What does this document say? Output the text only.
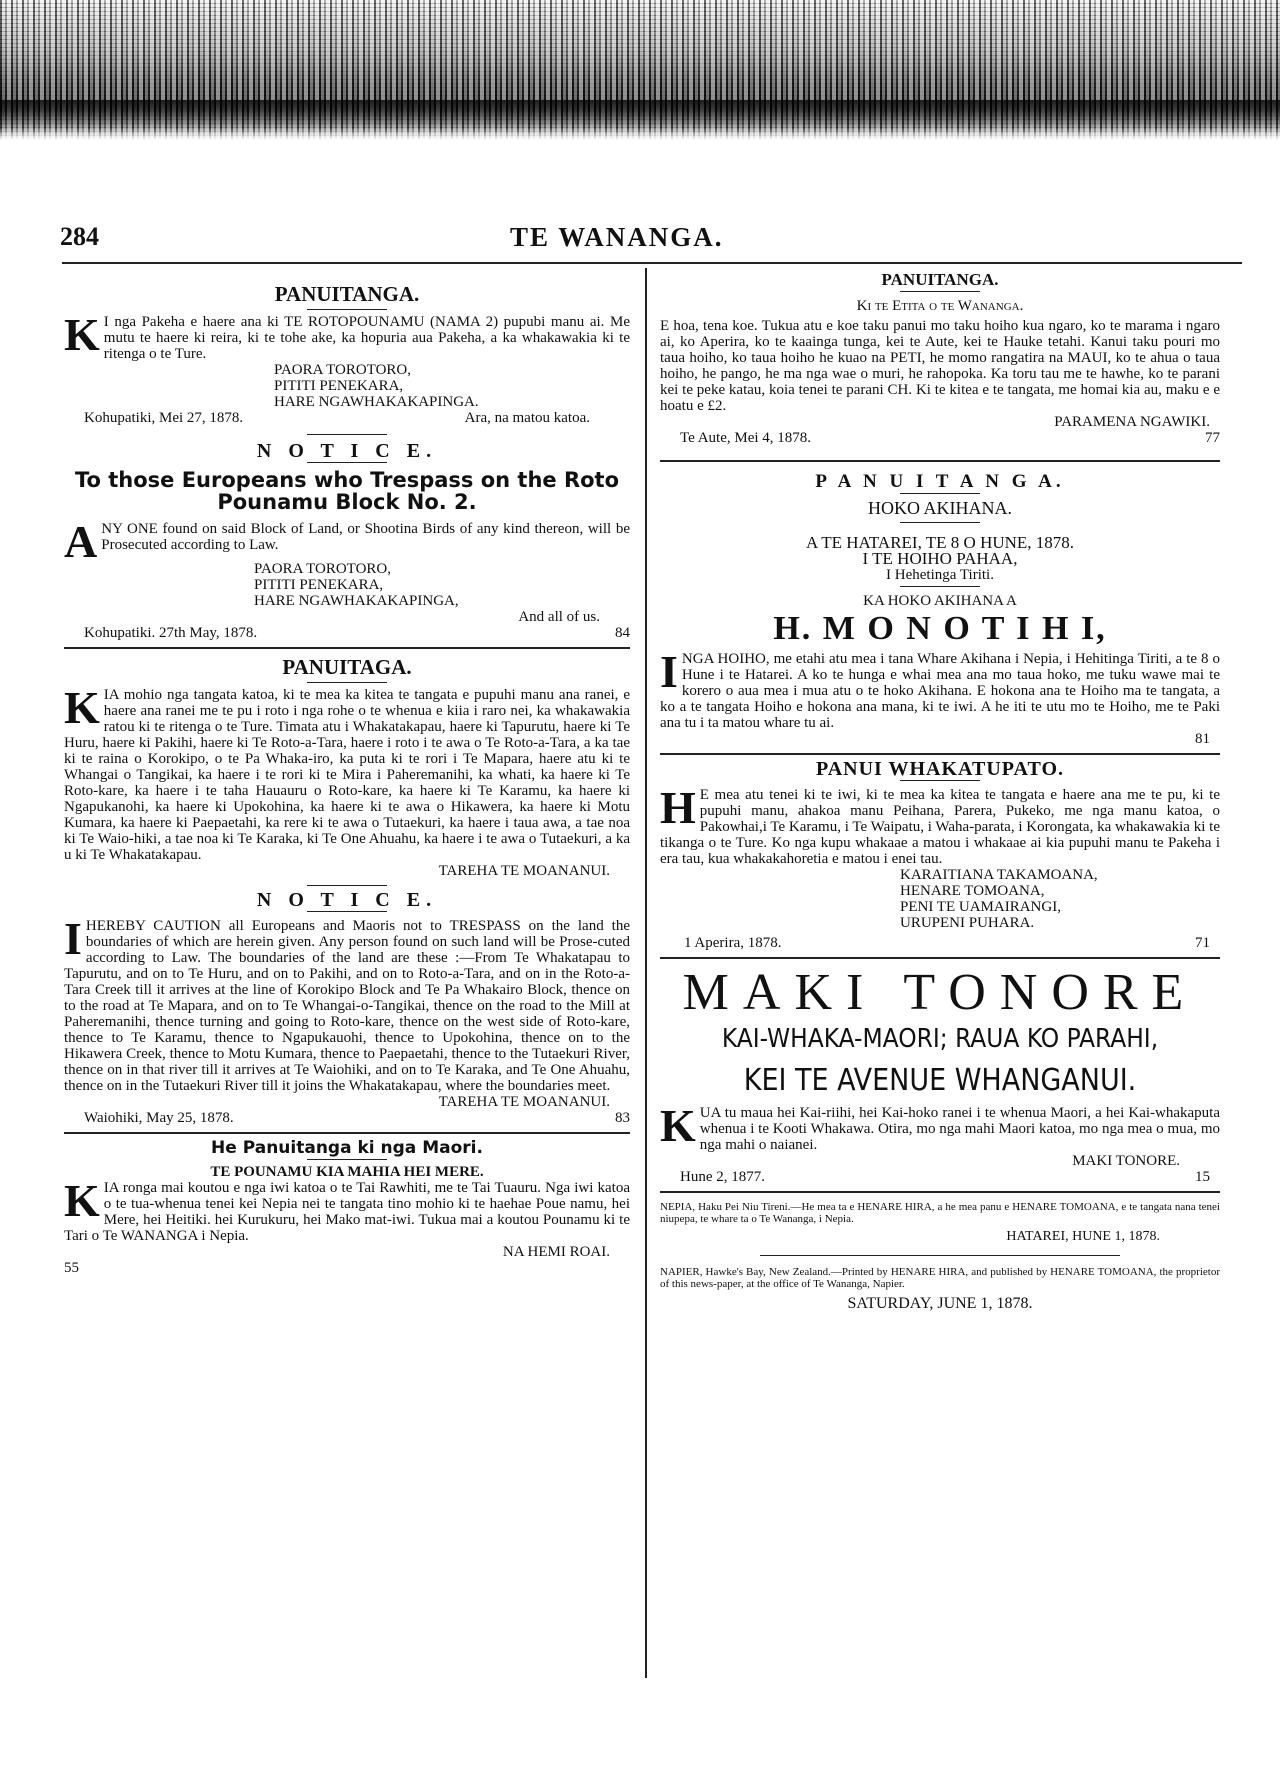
284	TE WANANGA.
PANUITANGA.

K I nga Pakeha e haere ana ki TE ROTOPOUNAMU (NAMA 2) pupubi manu ai. Me mutu te haere ki reira, ki te tohe ake, ka hopuria aua Pakeha, a ka whakawakia ki te ritenga o te Ture.

PAORA TOROTORO,
PITITI PENEKARA,
HARE NGAWHAKAKAPINGA.
Kohupatiki, Mei 27, 1878.	Ara, na matou katoa.
N O T I C E.
To those Europeans who Trespass on the Roto Pounamu Block No. 2.

ANY ONE found on said Block of Land, or Shootina Birds of any kind thereon, will be Prosecuted according to Law.

PAORA TOROTORO,
PITITI PENEKARA,
HARE NGAWHAKAKAPINGA,
And all of us.
Kohupatiki. 27th May, 1878.	84
PANUITAGA.

KIA mohio nga tangata katoa, ki te mea ka kitea te tangata e pupuhi manu ana ranei, e haere ana ranei me te pu i roto i nga rohe o te whenua e kiia i raro nei, ka whakawakia ratou ki te ritenga o te Ture. Timata atu i Whakatakapau, haere ki Tapurutu, haere ki Te Huru, haere ki Pakihi, haere ki Te Roto-a-Tara, haere i roto i te awa o Te Roto-a-Tara, a ka tae ki te raina o Korokipo, o te Pa Whaka-iro, ka puta ki te rori i Te Mapara, haere atu ki te Whangai o Tangikai, ka haere i te rori ki te Mira i Paheremanihi, ka whati, ka haere ki Te Roto-kare, ka haere i te taha Hauauru o Roto-kare, ka haere ki Te Karamu, ka haere ki Ngapukanohi, ka haere ki Upokohina, ka haere ki te awa o Hikawera, ka haere ki Motu Kumara, ka haere ki Paepaetahi, ka rere ki te awa o Tutaekuri, ka haere i taua awa, a tae noa ki Te Waio-hiki, a tae noa ki Te Karaka, ki Te One Ahuahu, ka haere i te awa o Tutaekuri, a ka u ki Te Whakatakapau.

TAREHA TE MOANANUI.
N O T I C E.

IHEREBY CAUTION all Europeans and Maoris not to TRESPASS on the land the boundaries of which are herein given. Any person found on such land will be Prose-cuted according to Law. The boundaries of the land are these :—From Te Whakatapau to Tapurutu, and on to Te Huru, and on to Pakihi, and on to Roto-a-Tara, and on in the Roto-a-Tara Creek till it arrives at the line of Korokipo Block and Te Pa Whakairo Block, thence on to the road at Te Mapara, and on to Te Whangai-o-Tangikai, thence on the road to the Mill at Paheremanihi, thence turning and going to Roto-kare, thence on the west side of Roto-kare, thence to Te Karamu, thence to Ngapukauohi, thence to Upokohina, thence on to the Hikawera Creek, thence to Motu Kumara, thence to Paepaetahi, thence to the Tutaekuri River, thence on in that river till it arrives at Te Waiohiki, and on to Te Karaka, and Te One Ahuahu, thence on in the Tutaekuri River till it joins the Whakatakapau, where the boundaries meet.

TAREHA TE MOANANUI.
Waiohiki, May 25, 1878.	83
He Panuitanga ki nga Maori.
TE POUNAMU KIA MAHIA HEI MERE.

KIA ronga mai koutou e nga iwi katoa o te Tai Rawhiti, me te Tai Tuauru. Nga iwi katoa o te tua-whenua tenei kei Nepia nei te tangata tino mohio ki te haehae Poue namu, hei Mere, hei Heitiki. hei Kurukuru, hei Mako mat-iwi. Tukua mai a koutou Pounamu ki te Tari o Te WANANGA i Nepia.

NA HEMI ROAI.
55
PANUITANGA.
Ki te Etita o te Wananga.

E hoa, tena koe. Tukua atu e koe taku panui mo taku hoiho kua ngaro, ko te marama i ngaro ai, ko Aperira, ko te kaainga tunga, kei te Aute, kei te Hauke tetahi. Kanui taku pouri mo taua hoiho, ko taua hoiho he kuao na PETI, he momo rangatira na MAUI, ko te ahua o taua hoiho, he pango, he ma nga wae o muri, he rahopoka. Ka toru tau me te hawhe, ko te parani kei te peke katau, koia tenei te parani CH. Ki te kitea e te tangata, me homai kia au, maku e e hoatu e £2.

PARAMENA NGAWIKI.
Te Aute, Mei 4, 1878.	77
P A N U I T A N G A.
HOKO AKIHANA.
A TE HATAREI, TE 8 O HUNE, 1878.
I TE HOIHO PAHAA,
I Hehetinga Tiriti.
KA HOKO AKIHANA A
H. M O N O T I H I,

INGA HOIHO, me etahi atu mea i tana Whare Akihana i Nepia, i Hehitinga Tiriti, a te 8 o Hune i te Hatarei. A ko te hunga e whai mea ana mo taua hoko, me tuku wawe mai te korero o aua mea i mua atu o te hoko Akihana. E hokona ana te Hoiho ma te tangata, a ko a te tangata Hoiho e hokona ana mana, ki te iwi. A he iti te utu mo te Hoiho, me te Paki ana tu i ta matou whare tu ai.

81
PANUI WHAKATUPATO.

H E mea atu tenei ki te iwi, ki te mea ka kitea te tangata e haere ana me te pu, ki te pupuhi manu, ahakoa manu Peihana, Parera, Pukeko, me nga manu katoa, o Pakowhai,i Te Karamu, i Te Waipatu, i Waha-parata, i Korongata, ka whakawakia ki te tikanga o te Ture. Ko nga kupu whakaae a matou i whakaae ai kia pupuhi manu te Pakeha i era tau, kua whakakahoretia e matou i enei tau.

KARAITIANA TAKAMOANA,
HENARE TOMOANA,
PENI TE UAMAIRANGI,
URUPENI PUHARA.
1 Aperira, 1878.	71
MAKI TONORE
KAI-WHAKA-MAORI; RAUA KO PARAHI,
KEI TE AVENUE WHANGANUI.

KUA tu maua hei Kai-riihi, hei Kai-hoko ranei i te whenua Maori, a hei Kai-whakaputa whenua i te Kooti Whakawa. Otira, mo nga mahi Maori katoa, mo nga mea o mua, mo nga mahi o naianei.

MAKI TONORE.
Hune 2, 1877.	15

NEPIA, Haku Pei Niu Tireni.—He mea ta e HENARE HIRA, a he mea panu e HENARE TOMOANA, e te tangata nana tenei niupepa, te whare ta o Te Wananga, i Nepia.

HATAREI, HUNE 1, 1878.

NAPIER, Hawke's Bay, New Zealand.—Printed by HENARE HIRA, and published by HENARE TOMOANA, the proprietor of this news-paper, at the office of Te Wananga, Napier.

SATURDAY, JUNE 1, 1878.
